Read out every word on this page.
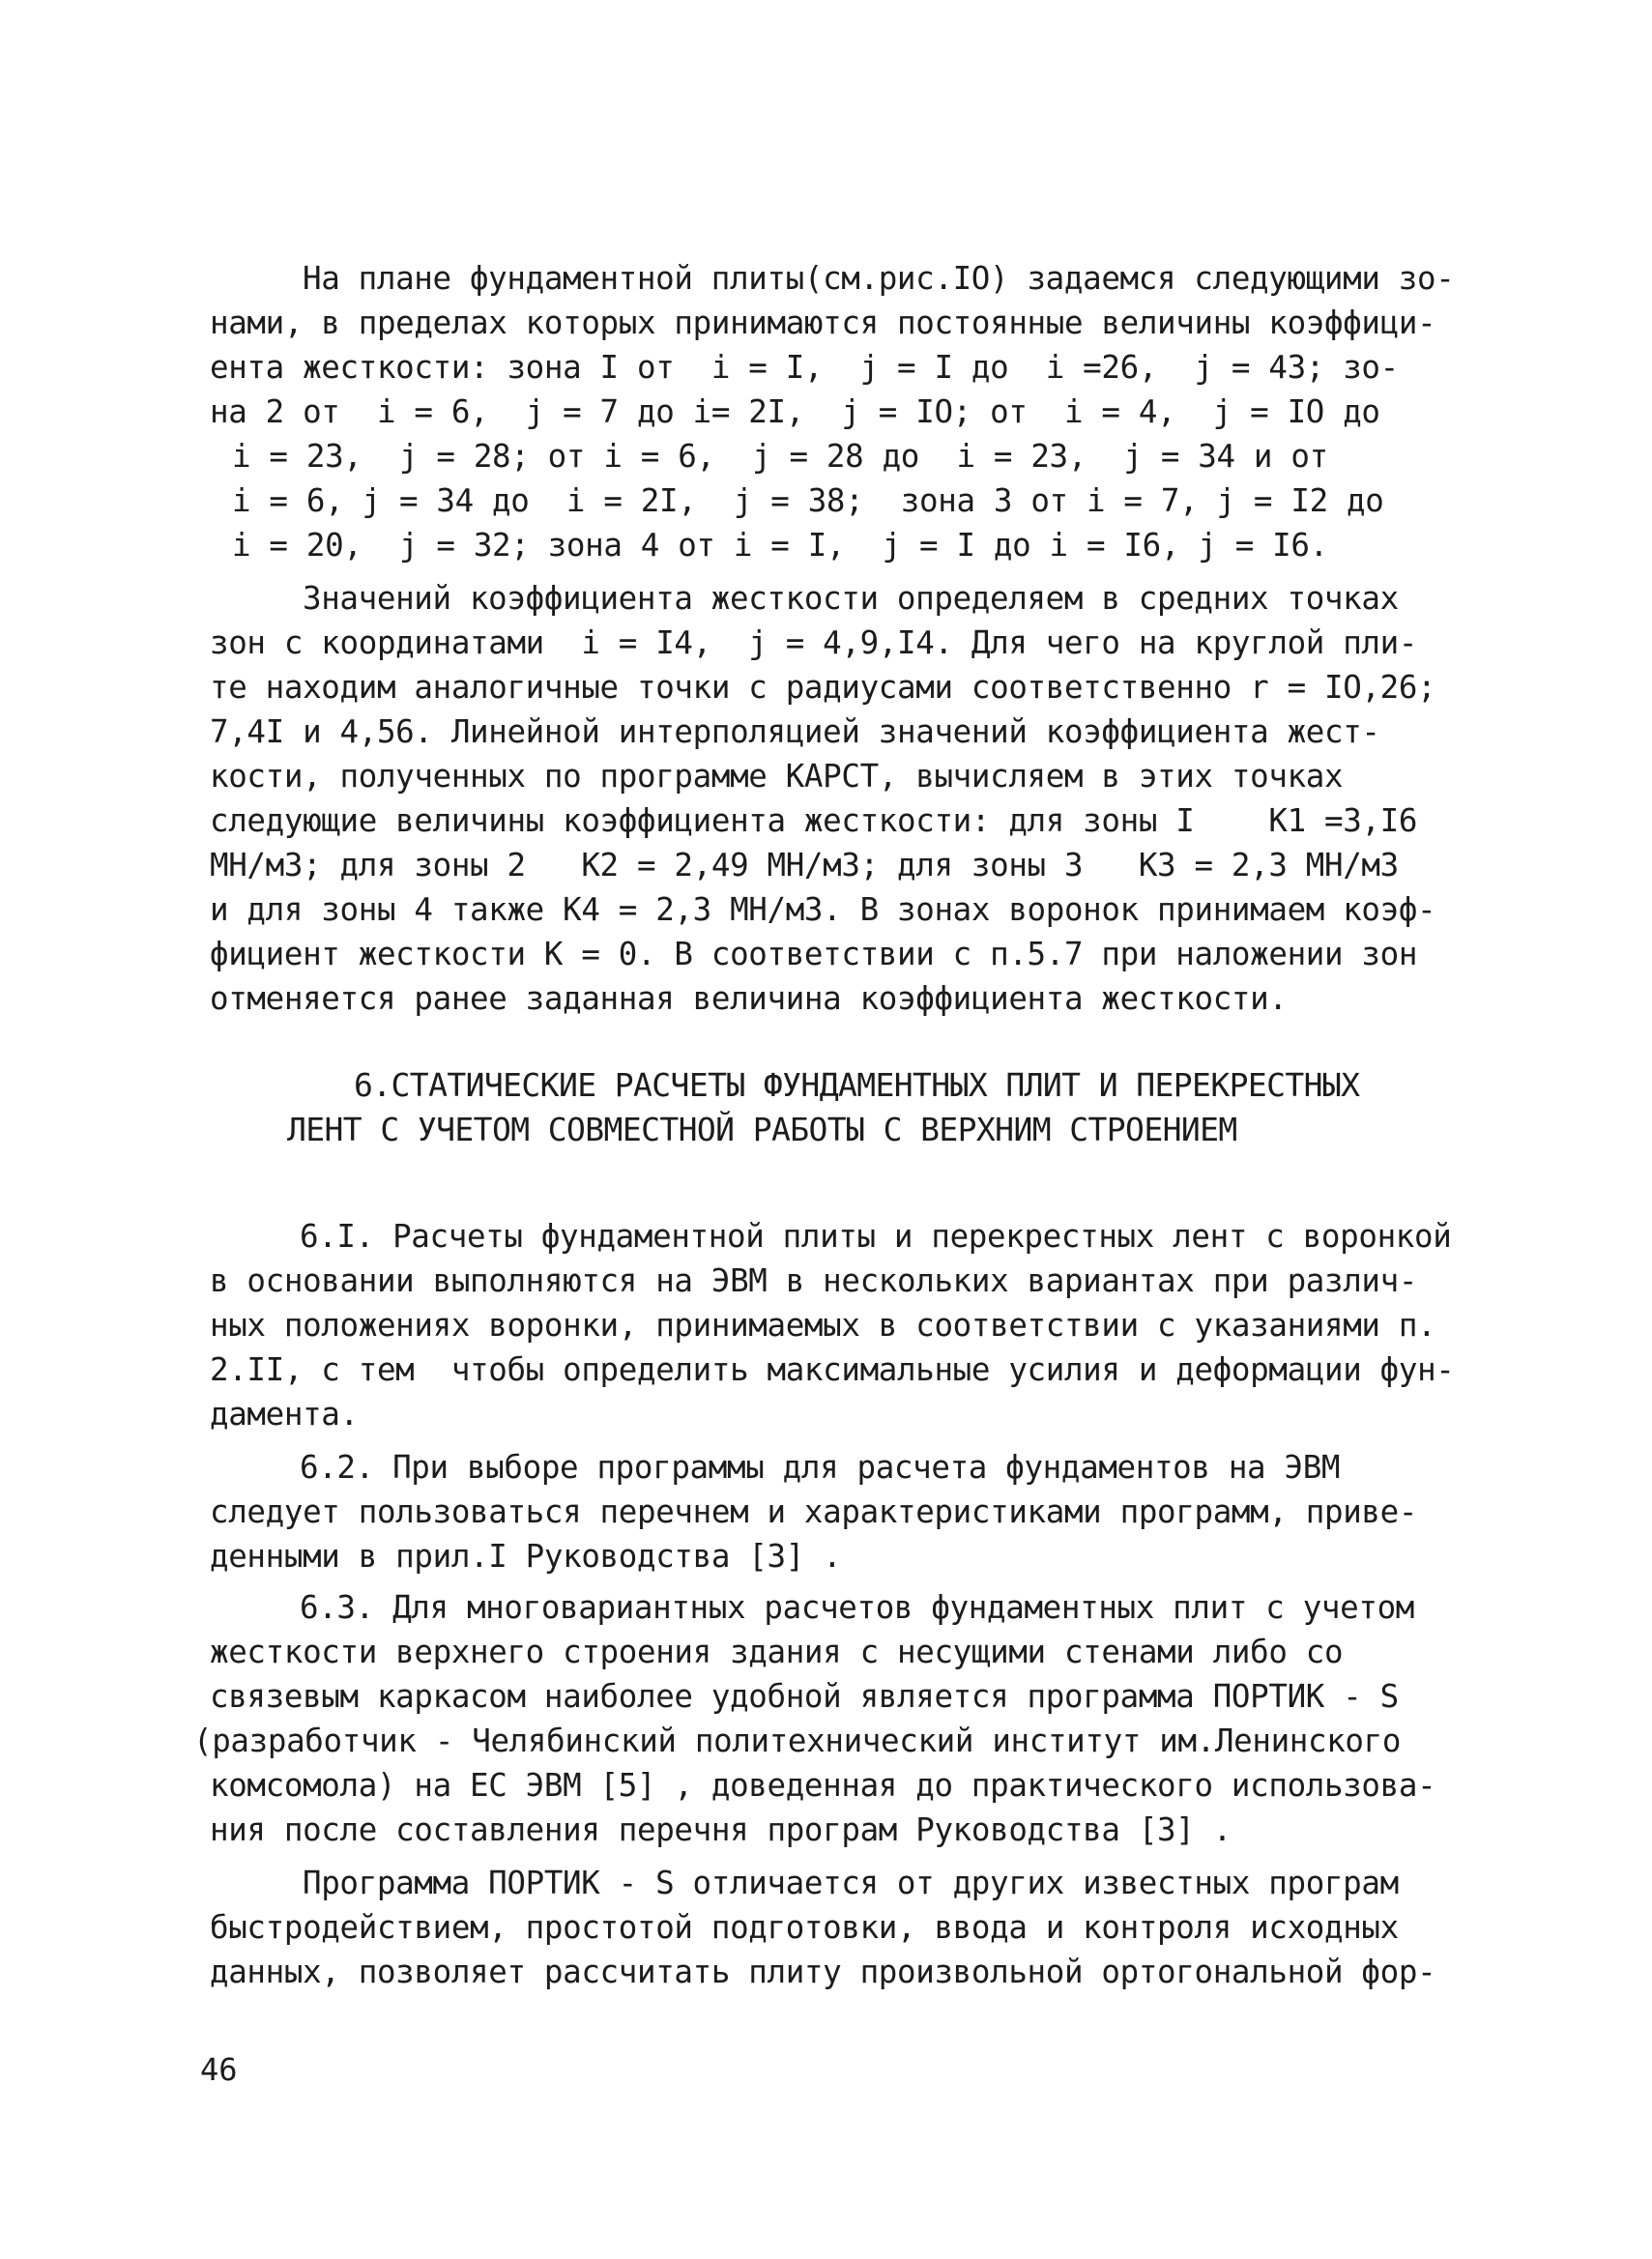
На плане фундаментной плиты(см.рис.IO) задаемся следующими зо-
нами, в пределах которых принимаются постоянные величины коэффици-
ента жесткости: зона I от  i = I,  j = I до  i =26,  j = 43; зо-
на 2 от  i = 6,  j = 7 до i= 2I,  j = IO; от  i = 4,  j = IO до
i = 23,  j = 28; от i = 6,  j = 28 до  i = 23,  j = 34 и от
i = 6, j = 34 до  i = 2I,  j = 38;  зона 3 от i = 7, j = I2 до
i = 20,  j = 32; зона 4 от i = I,  j = I до i = I6, j = I6.
Значений коэффициента жесткости определяем в средних точках
зон с координатами  i = I4,  j = 4,9,I4. Для чего на круглой пли-
те находим аналогичные точки с радиусами соответственно r = IO,26;
7,4I и 4,56. Линейной интерполяцией значений коэффициента жест-
кости, полученных по программе КАРСТ, вычисляем в этих точках
следующие величины коэффициента жесткости: для зоны I    K1 =3,I6
МН/м3; для зоны 2   K2 = 2,49 МН/м3; для зоны 3   K3 = 2,3 МН/м3
и для зоны 4 также K4 = 2,3 МН/м3. В зонах воронок принимаем коэф-
фициент жесткости K = 0. В соответствии с п.5.7 при наложении зон
отменяется ранее заданная величина коэффициента жесткости.
6.СТАТИЧЕСКИЕ РАСЧЕТЫ ФУНДАМЕНТНЫХ ПЛИТ И ПЕРЕКРЕСТНЫХ
ЛЕНТ С УЧЕТОМ СОВМЕСТНОЙ РАБОТЫ С ВЕРХНИМ СТРОЕНИЕМ
6.I. Расчеты фундаментной плиты и перекрестных лент с воронкой
в основании выполняются на ЭВМ в нескольких вариантах при различ-
ных положениях воронки, принимаемых в соответствии с указаниями п.
2.II, с тем  чтобы определить максимальные усилия и деформации фун-
дамента.
6.2. При выборе программы для расчета фундаментов на ЭВМ
следует пользоваться перечнем и характеристиками программ, приве-
денными в прил.I Руководства [3] .
6.3. Для многовариантных расчетов фундаментных плит с учетом
жесткости верхнего строения здания с несущими стенами либо со
связевым каркасом наиболее удобной является программа ПОРТИК - S
(разработчик - Челябинский политехнический институт им.Ленинского
комсомола) на ЕС ЭВМ [5] , доведенная до практического использова-
ния после составления перечня програм Руководства [3] .
Программа ПОРТИК - S отличается от других известных програм
быстродействием, простотой подготовки, ввода и контроля исходных
данных, позволяет рассчитать плиту произвольной ортогональной фор-
46
